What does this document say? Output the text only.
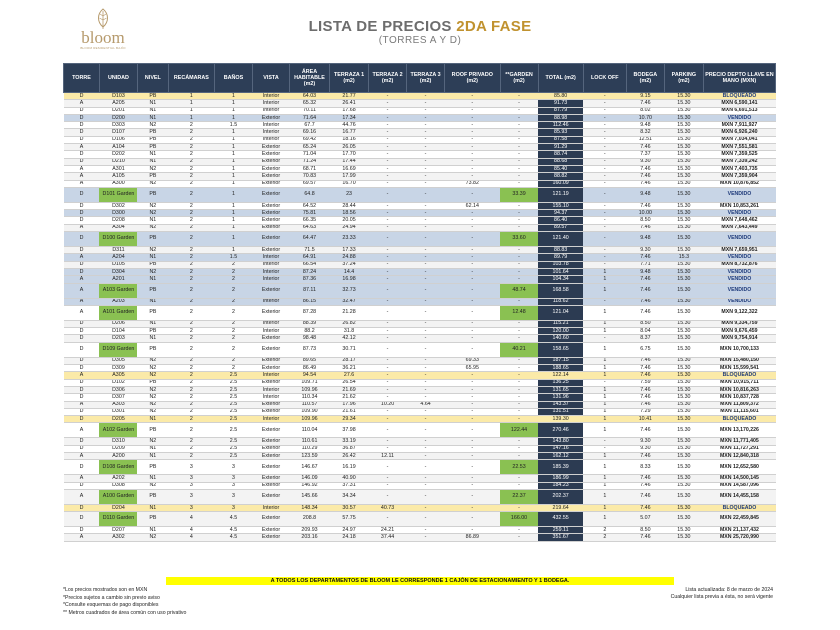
bloom
BLOOM RESIDENTIAL BAJÍO
LISTA DE PRECIOS 2DA FASE
(TORRES A Y D)
TORRE	UNIDAD	NIVEL	RECÁMARAS	BAÑOS	VISTA	ÁREA HABITABLE (m2)	TERRAZA 1 (m2)	TERRAZA 2 (m2)	TERRAZA 3 (m2)	ROOF PRIVADO (m2)	**GARDEN (m2)	TOTAL (m2)	LOCK OFF	BODEGA (m2)	PARKING (m2)	PRECIO DEPTO LLAVE EN MANO (MXN)
D	D103	PB	1	1	Interior	64.03	21.77	-	-	-	-	85.80	-	9.15	15.30	BLOQUEADO
A	A205	N1	1	1	Interior	65.32	26.41	-	-	-	-	91.73	-	7.46	15.30	MXN 6,590,141
D	D201	N1	1	1	Interior	70.11	17.68	-	-	-	-	87.79	-	8.02	15.30	MXN 6,691,513
D	D200	N1	1	1	Exterior	71.64	17.34	-	-	-	-	88.98	-	10.70	15.30	VENDIDO
D	D303	N2	2	1.5	Interior	67.7	44.76	-	-	-	-	112.46	-	9.48	15.30	MXN 7,911,927
D	D107	PB	2	1	Interior	69.16	16.77	-	-	-	-	85.93	-	8.32	15.30	MXN 6,926,240
D	D106	PB	2	1	Interior	69.42	18.16	-	-	-	-	87.58	-	12.51	15.30	MXN 7,034,041
A	A104	PB	2	1	Exterior	65.24	26.05	-	-	-	-	91.29	-	7.46	15.30	MXN 7,551,581
D	D202	N1	2	1	Exterior	71.04	17.70	-	-	-	-	88.74	-	7.37	15.30	MXN 7,359,525
D	D210	N1	2	1	Exterior	71.24	17.44	-	-	-	-	88.68	-	9.30	15.30	MXN 7,339,242
A	A301	N2	2	1	Exterior	68.71	16.69	-	-	-	-	85.40	-	7.46	15.30	MXN 7,403,735
A	A105	PB	2	1	Exterior	70.83	17.99	-	-	-	-	88.82	-	7.46	15.30	MXN 7,359,904
A	A300	N2	2	1	Exterior	69.57	16.70	-	-	73.82	-	160.09	-	7.46	15.30	MXN 10,876,852
D	D101 Garden	PB	2	1	Exterior	64.8	23	-	-	-	33.39	121.19	-	9.48	15.30	VENDIDO
D	D302	N2	2	1	Exterior	64.52	28.44	-	-	62.14	-	155.10	-	7.46	15.30	MXN 10,853,261
D	D300	N2	2	1	Exterior	75.81	18.56	-	-	-	-	94.37	-	10.00	15.30	VENDIDO
D	D208	N1	2	1	Exterior	66.35	20.05	-	-	-	-	86.40	-	8.50	15.30	MXN 7,648,462
A	A304	N2	2	1	Exterior	64.63	24.94	-	-	-	-	89.57	-	7.46	15.30	MXN 7,643,449
D	D100 Garden	PB	2	1	Exterior	64.47	23.33	-	-	-	33.60	121.40	-	9.48	15.30	VENDIDO
D	D311	N2	2	1	Exterior	71.5	17.33	-	-	-	-	88.83	-	9.30	15.30	MXN 7,659,951
A	A204	N1	2	1.5	Interior	64.91	24.88	-	-	-	-	89.79	-	7.46	15.3	VENDIDO
D	D105	PB	2	2	Interior	66.54	37.24	-	-	-	-	103.78	-	7.71	15.30	MXN 8,732,876
D	D304	N2	2	2	Interior	87.24	14.4	-	-	-	-	101.64	1	9.48	15.30	VENDIDO
A	A201	N1	2	2	Interior	87.36	16.98	-	-	-	-	104.34	1	7.46	15.30	VENDIDO
A	A103 Garden	PB	2	2	Exterior	87.11	32.73	-	-	-	48.74	168.58	1	7.46	15.30	VENDIDO
A	A203	N1	2	2	Interior	86.15	32.47	-	-	-	-	118.62	-	7.46	15.30	VENDIDO
A	A101 Garden	PB	2	2	Exterior	87.28	21.28	-	-	-	12.48	121.04	1	7.46	15.30	MXN 9,122,322
D	D206	N1	2	2	Interior	88.39	26.82	-	-	-	-	115.21	1	8.50	15.30	MXN 9,334,759
D	D104	PB	2	2	Interior	88.2	31.8	-	-	-	-	120.00	1	8.04	15.30	MXN 9,676,459
D	D203	N1	2	2	Exterior	98.48	42.12	-	-	-	-	140.60	-	8.37	15.30	MXN 9,754,914
D	D109 Garden	PB	2	2	Exterior	87.73	30.71	-	-	-	40.21	158.65	1	6.75	15.30	MXN 10,700,133
D	D305	N2	2	2	Exterior	89.65	28.17	-	-	69.33	-	187.15	1	7.46	15.30	MXN 15,480,150
D	D309	N2	2	2	Exterior	86.49	36.21	-	-	65.95	-	188.65	1	7.46	15.30	MXN 15,599,541
A	A305	N2	2	2.5	Interior	94.54	27.6	-	-	-	-	122.14	1	7.46	15.30	BLOQUEADO
D	D102	PB	2	2.5	Exterior	109.71	26.54	-	-	-	-	136.25	-	7.59	15.30	MXN 10,915,711
D	D306	N2	2	2.5	Interior	109.96	21.69	-	-	-	-	131.65	1	7.46	15.30	MXN 10,816,263
D	D307	N2	2	2.5	Interior	110.34	21.62	-	-	-	-	131.96	1	7.46	15.30	MXN 10,837,728
A	A303	N2	2	2.5	Exterior	110.57	17.96	10.20	4.64	-	-	143.37	1	7.46	15.30	MXN 11,809,372
D	D301	N2	2	2.5	Exterior	109.90	21.61	-	-	-	-	131.51	1	7.29	15.30	MXN 11,115,601
D	D205	N1	2	2.5	Interior	109.96	29.34	-	-	-	-	139.30	1	10.41	15.30	BLOQUEADO
A	A102 Garden	PB	2	2.5	Exterior	110.04	37.98	-	-	-	122.44	270.46	1	7.46	15.30	MXN 13,170,226
D	D310	N2	2	2.5	Exterior	110.61	33.19	-	-	-	-	143.80	-	9.30	15.30	MXN 11,771,405
D	D209	N1	2	2.5	Exterior	110.29	36.87	-	-	-	-	147.16	-	9.30	15.30	MXN 11,727,291
A	A200	N1	2	2.5	Exterior	123.59	26.42	12.11	-	-	-	162.12	1	7.46	15.30	MXN 12,840,318
D	D108 Garden	PB	3	3	Exterior	146.67	16.19	-	-	-	22.53	185.39	1	8.33	15.30	MXN 12,652,580
A	A202	N1	3	3	Exterior	146.09	40.90	-	-	-	-	186.99	1	7.46	15.30	MXN 14,500,145
D	D308	N2	3	3	Exterior	146.92	37.31	-	-	-	-	184.23	1	7.46	15.30	MXN 14,587,096
A	A100 Garden	PB	3	3	Exterior	145.66	34.34	-	-	-	22.37	202.37	1	7.46	15.30	MXN 14,455,158
D	D204	N1	3	3	Interior	148.34	30.57	40.73	-	-	-	219.64	1	7.46	15.30	BLOQUEADO
D	D110 Garden	PB	4	4.5	Exterior	208.8	57.75	-	-	-	166.00	432.55	1	5.07	15.30	MXN 22,459,845
D	D207	N1	4	4.5	Exterior	209.93	24.97	24.21	-	-	-	259.11	2	8.50	15.30	MXN 21,137,432
A	A302	N2	4	4.5	Exterior	203.16	24.18	37.44	-	86.89	-	351.67	2	7.46	15.30	MXN 25,720,990
A TODOS LOS DEPARTAMENTOS DE BLOOM LE CORRESPONDE 1 CAJÓN DE ESTACIONAMIENTO Y 1 BODEGA.
*Los precios mostrados son en MXN
*Precios sujetos a cambio sin previo aviso
*Consulte esquemas de pago disponibles
** Metros cuadrados de área común con uso privativo
Lista actualizada: 8 de marzo de 2024
Cualquier lista previa a ésta, no será vigente
